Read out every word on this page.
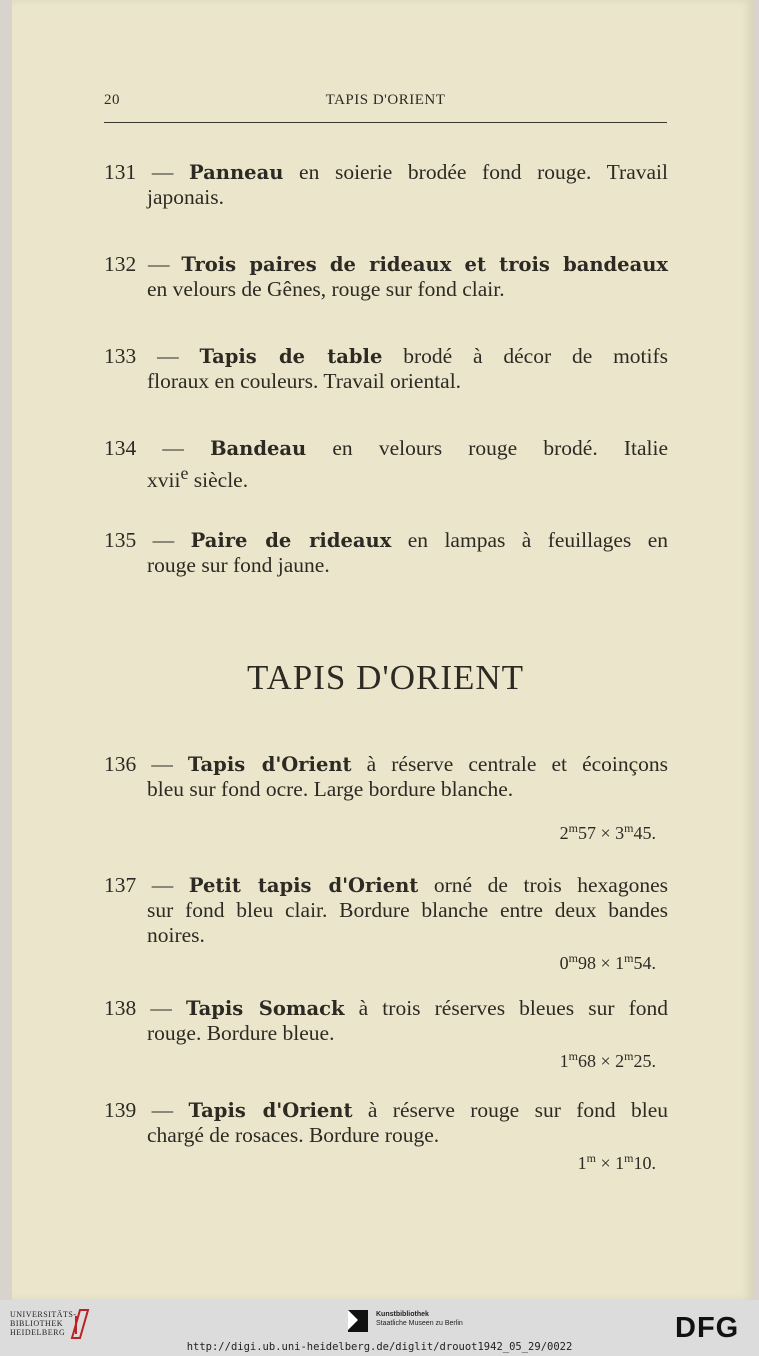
20	TAPIS D'ORIENT
131 — Panneau en soierie brodée fond rouge. Travail
japonais.
132 — Trois paires de rideaux et trois bandeaux
en velours de Gênes, rouge sur fond clair.
133 — Tapis de table brodé à décor de motifs
floraux en couleurs. Travail oriental.
134 — Bandeau en velours rouge brodé. Italie
xvii$^e$ siècle.
135 — Paire de rideaux en lampas à feuillages en
rouge sur fond jaune.
TAPIS D'ORIENT
136 — Tapis d'Orient à réserve centrale et écoinçons
bleu sur fond ocre. Large bordure blanche.
$2^m57 \times 3^m45$.
137 — Petit tapis d'Orient orné de trois hexagones
sur fond bleu clair. Bordure blanche entre deux bandes noires.
$0^m98 \times 1^m54$.
138 — Tapis Somack à trois réserves bleues sur fond
rouge. Bordure bleue.
$1^m68 \times 2^m25$.
139 — Tapis d'Orient à réserve rouge sur fond bleu
chargé de rosaces. Bordure rouge.
$1^m \times 1^m10$.
UNIVERSITÄTS-
BIBLIOTHEK
HEIDELBERG
Kunstbibliothek
Staatliche Museen zu Berlin	DFG
http://digi.ub.uni-heidelberg.de/diglit/drouot1942_05_29/0022
